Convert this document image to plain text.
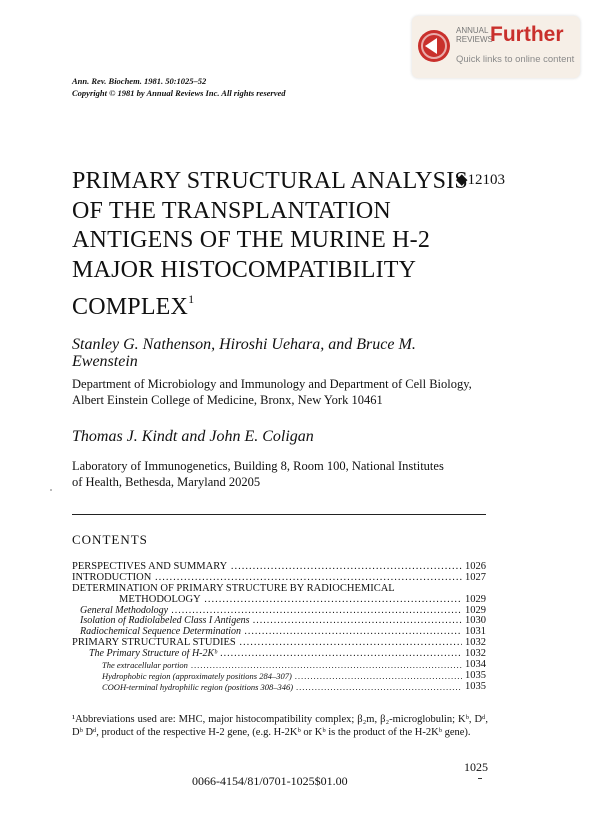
ANNUAL
REVIEWS
Further
Quick links to online content
Ann. Rev. Biochem. 1981. 50:1025–52
Copyright © 1981 by Annual Reviews Inc. All rights reserved
PRIMARY STRUCTURAL ANALYSIS
OF THE TRANSPLANTATION
ANTIGENS OF THE MURINE H-2
MAJOR HISTOCOMPATIBILITY
COMPLEX$^1$
◆12103
Stanley G. Nathenson, Hiroshi Uehara, and Bruce M.
Ewenstein
Department of Microbiology and Immunology and Department of Cell Biology,
Albert Einstein College of Medicine, Bronx, New York 10461
Thomas J. Kindt and John E. Coligan
Laboratory of Immunogenetics, Building 8, Room 100, National Institutes
of Health, Bethesda, Maryland 20205
CONTENTS
PERSPECTIVES AND SUMMARY .....	1026
INTRODUCTION .....	1027
DETERMINATION OF PRIMARY STRUCTURE BY RADIOCHEMICAL
METHODOLOGY .....	1029
General Methodology .....	1029
Isolation of Radiolabeled Class I Antigens .....	1030
Radiochemical Sequence Determination .....	1031
PRIMARY STRUCTURAL STUDIES .....	1032
The Primary Structure of H-2Kᵇ .....	1032
The extracellular portion .....	1034
Hydrophobic region (approximately positions 284–307) .....	1035
COOH-terminal hydrophilic region (positions 308–346) .....	1035
¹Abbreviations used are: MHC, major histocompatibility complex; β₂m, β₂-microglobulin; Kᵇ, Dᵈ, Dᵇ Dᵈ, product of the respective H-2 gene, (e.g. H-2Kᵇ or Kᵇ is the product of the H-2Kᵇ gene).
1025
0066-4154/81/0701-1025$01.00
